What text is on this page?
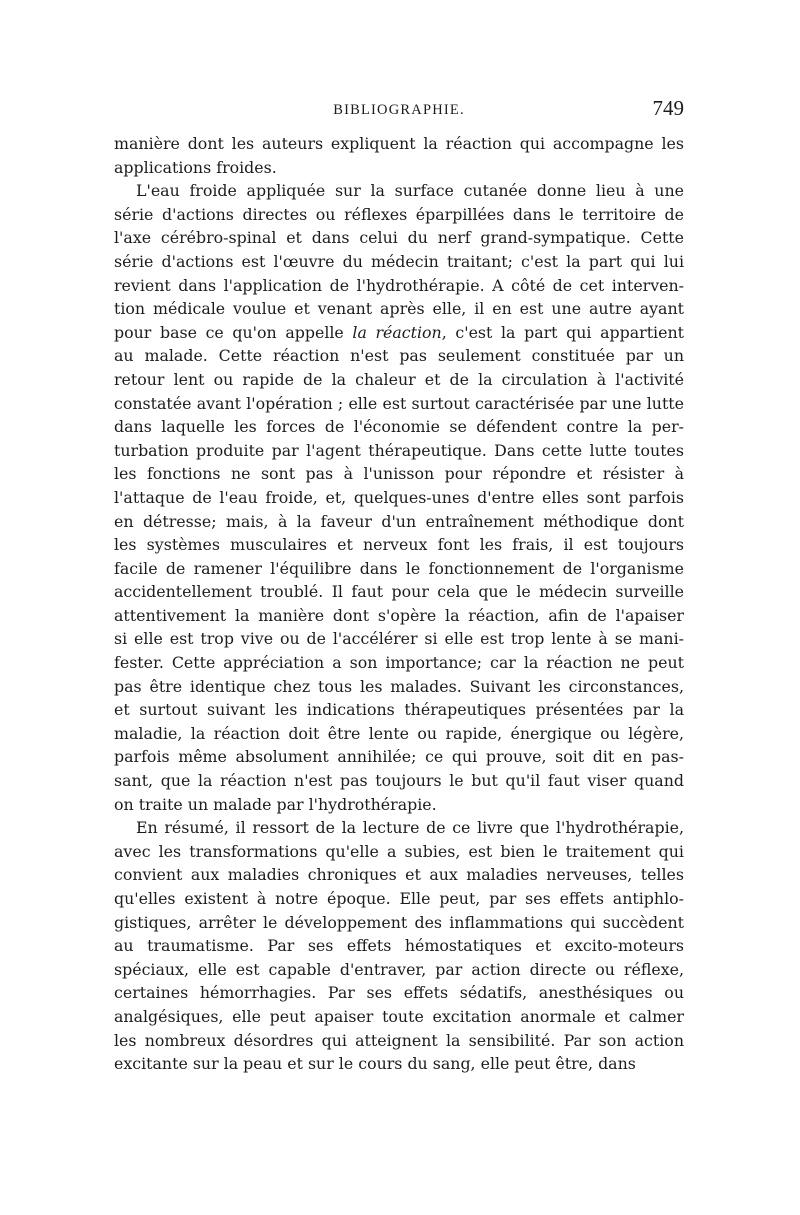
BIBLIOGRAPHIE.	749
manière dont les auteurs expliquent la réaction qui accompagne les
applications froides.
L'eau froide appliquée sur la surface cutanée donne lieu à une
série d'actions directes ou réflexes éparpillées dans le territoire de
l'axe cérébro-spinal et dans celui du nerf grand-sympatique. Cette
série d'actions est l'œuvre du médecin traitant; c'est la part qui lui
revient dans l'application de l'hydrothérapie. A côté de cet interven-
tion médicale voulue et venant après elle, il en est une autre ayant
pour base ce qu'on appelle la réaction, c'est la part qui appartient
au malade. Cette réaction n'est pas seulement constituée par un
retour lent ou rapide de la chaleur et de la circulation à l'activité
constatée avant l'opération ; elle est surtout caractérisée par une lutte
dans laquelle les forces de l'économie se défendent contre la per-
turbation produite par l'agent thérapeutique. Dans cette lutte toutes
les fonctions ne sont pas à l'unisson pour répondre et résister à
l'attaque de l'eau froide, et, quelques-unes d'entre elles sont parfois
en détresse; mais, à la faveur d'un entraînement méthodique dont
les systèmes musculaires et nerveux font les frais, il est toujours
facile de ramener l'équilibre dans le fonctionnement de l'organisme
accidentellement troublé. Il faut pour cela que le médecin surveille
attentivement la manière dont s'opère la réaction, afin de l'apaiser
si elle est trop vive ou de l'accélérer si elle est trop lente à se mani-
fester. Cette appréciation a son importance; car la réaction ne peut
pas être identique chez tous les malades. Suivant les circonstances,
et surtout suivant les indications thérapeutiques présentées par la
maladie, la réaction doit être lente ou rapide, énergique ou légère,
parfois même absolument annihilée; ce qui prouve, soit dit en pas-
sant, que la réaction n'est pas toujours le but qu'il faut viser quand
on traite un malade par l'hydrothérapie.
En résumé, il ressort de la lecture de ce livre que l'hydrothérapie,
avec les transformations qu'elle a subies, est bien le traitement qui
convient aux maladies chroniques et aux maladies nerveuses, telles
qu'elles existent à notre époque. Elle peut, par ses effets antiphlo-
gistiques, arrêter le développement des inflammations qui succèdent
au traumatisme. Par ses effets hémostatiques et excito-moteurs
spéciaux, elle est capable d'entraver, par action directe ou réflexe,
certaines hémorrhagies. Par ses effets sédatifs, anesthésiques ou
analgésiques, elle peut apaiser toute excitation anormale et calmer
les nombreux désordres qui atteignent la sensibilité. Par son action
excitante sur la peau et sur le cours du sang, elle peut être, dans
